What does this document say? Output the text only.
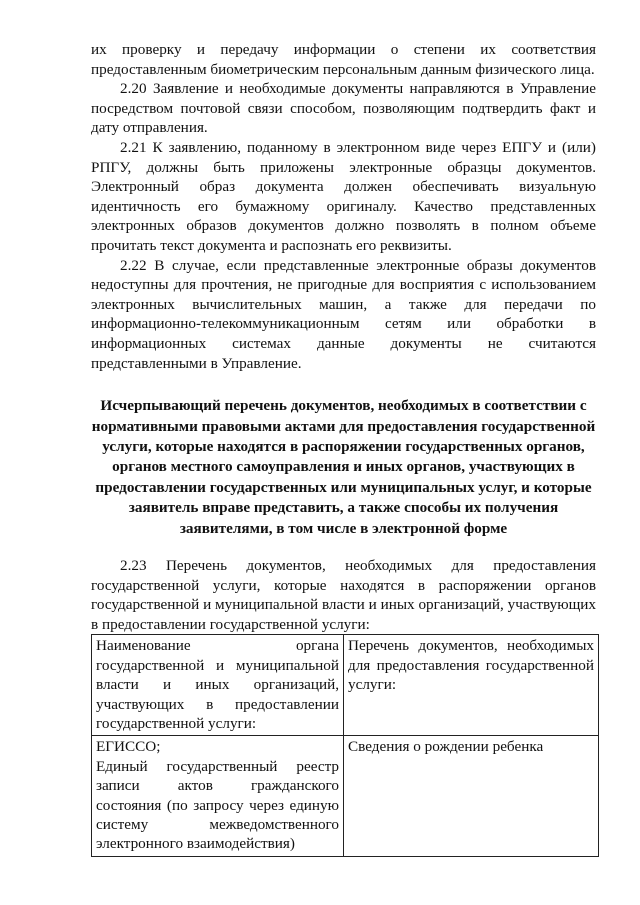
их проверку и передачу информации о степени их соответствия предоставленным биометрическим персональным данным физического лица.

2.20 Заявление и необходимые документы направляются в Управление посредством почтовой связи способом, позволяющим подтвердить факт и дату отправления.

2.21 К заявлению, поданному в электронном виде через ЕПГУ и (или) РПГУ, должны быть приложены электронные образцы документов. Электронный образ документа должен обеспечивать визуальную идентичность его бумажному оригиналу. Качество представленных электронных образов документов должно позволять в полном объеме прочитать текст документа и распознать его реквизиты.

2.22 В случае, если представленные электронные образы документов недоступны для прочтения, не пригодные для восприятия с использованием электронных вычислительных машин, а также для передачи по информационно-телекоммуникационным сетям или обработки в информационных системах данные документы не считаются представленными в Управление.

Исчерпывающий перечень документов, необходимых в соответствии с нормативными правовыми актами для предоставления государственной услуги, которые находятся в распоряжении государственных органов, органов местного самоуправления и иных органов, участвующих в предоставлении государственных или муниципальных услуг, и которые заявитель вправе представить, а также способы их получения заявителями, в том числе в электронной форме

2.23 Перечень документов, необходимых для предоставления государственной услуги, которые находятся в распоряжении органов государственной и муниципальной власти и иных организаций, участвующих в предоставлении государственной услуги:

Наименование органа государственной и муниципальной власти и иных организаций, участвующих в предоставлении государственной услуги:	Перечень документов, необходимых для предоставления государственной услуги:

ЕГИССО;
Единый государственный реестр записи актов гражданского состояния (по запросу через единую систему межведомственного электронного взаимодействия)	Сведения о рождении ребенка
